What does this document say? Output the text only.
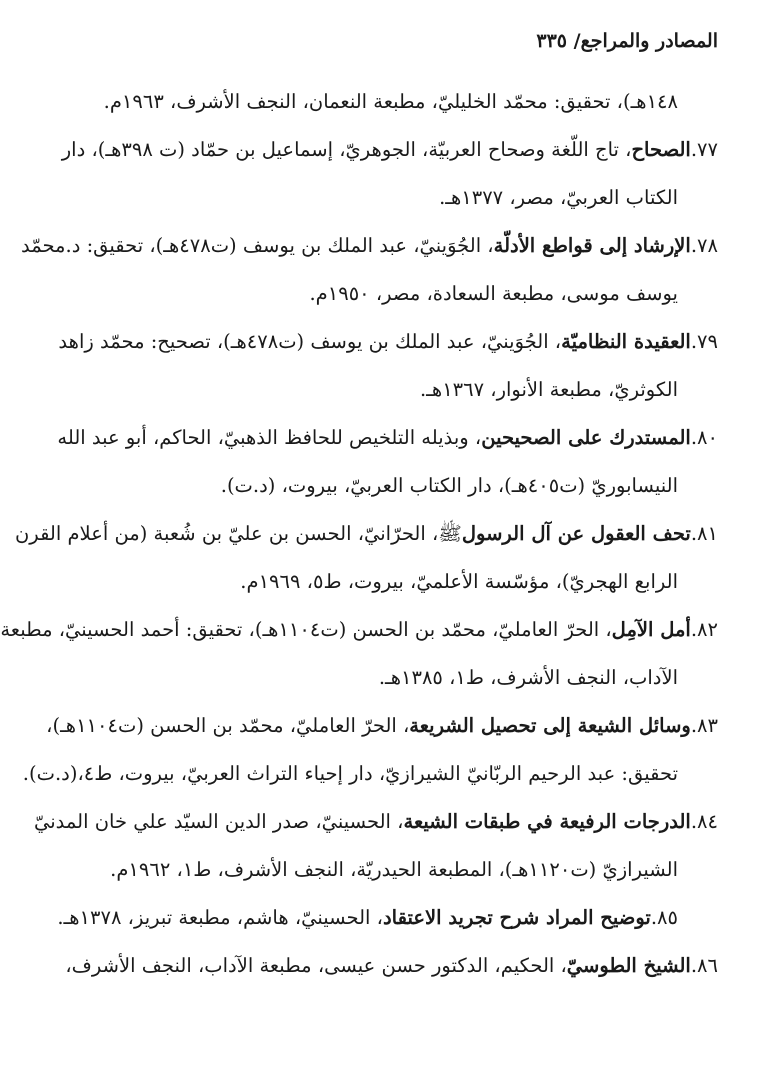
المصادر والمراجع/ ٣٣٥
١٤٨هـ)، تحقيق: محمّد الخليليّ، مطبعة النعمان، النجف الأشرف، ١٩٦٣م.
٧٧.الصحاح، تاج اللّغة وصحاح العربيّة، الجوهريّ، إسماعيل بن حمّاد (ت ٣٩٨هـ)، دار
الكتاب العربيّ، مصر، ١٣٧٧هـ.
٧٨.الإرشاد إلى قواطع الأدلّة، الجُوَينيّ، عبد الملك بن يوسف (ت٤٧٨هـ)، تحقيق: د.محمّد
يوسف موسى، مطبعة السعادة، مصر، ١٩٥٠م.
٧٩.العقيدة النظاميّة، الجُوَينيّ، عبد الملك بن يوسف (ت٤٧٨هـ)، تصحيح: محمّد زاهد
الكوثريّ، مطبعة الأنوار، ١٣٦٧هـ.
٨٠.المستدرك على الصحيحين، وبذيله التلخيص للحافظ الذهبيّ، الحاكم، أبو عبد الله
النيسابوريّ (ت٤٠٥هـ)، دار الكتاب العربيّ، بيروت، (د.ت).
٨١.تحف العقول عن آل الرسولﷺ، الحرّانيّ، الحسن بن عليّ بن شُعبة (من أعلام القرن
الرابع الهجريّ)، مؤسّسة الأعلميّ، بيروت، ط٥، ١٩٦٩م.
٨٢.أمل الآمِل، الحرّ العامليّ، محمّد بن الحسن (ت١١٠٤هـ)، تحقيق: أحمد الحسينيّ، مطبعة
الآداب، النجف الأشرف، ط١، ١٣٨٥هـ.
٨٣.وسائل الشيعة إلى تحصيل الشريعة، الحرّ العامليّ، محمّد بن الحسن (ت١١٠٤هـ)،
تحقيق: عبد الرحيم الربّانيّ الشيرازيّ، دار إحياء التراث العربيّ، بيروت، ط٤،(د.ت).
٨٤.الدرجات الرفيعة في طبقات الشيعة، الحسينيّ، صدر الدين السيّد علي خان المدنيّ
الشيرازيّ (ت١١٢٠هـ)، المطبعة الحيدريّة، النجف الأشرف، ط١، ١٩٦٢م.
٨٥.توضيح المراد شرح تجريد الاعتقاد، الحسينيّ، هاشم، مطبعة تبريز، ١٣٧٨هـ.
٨٦.الشيخ الطوسيّ، الحكيم، الدكتور حسن عيسى، مطبعة الآداب، النجف الأشرف،
